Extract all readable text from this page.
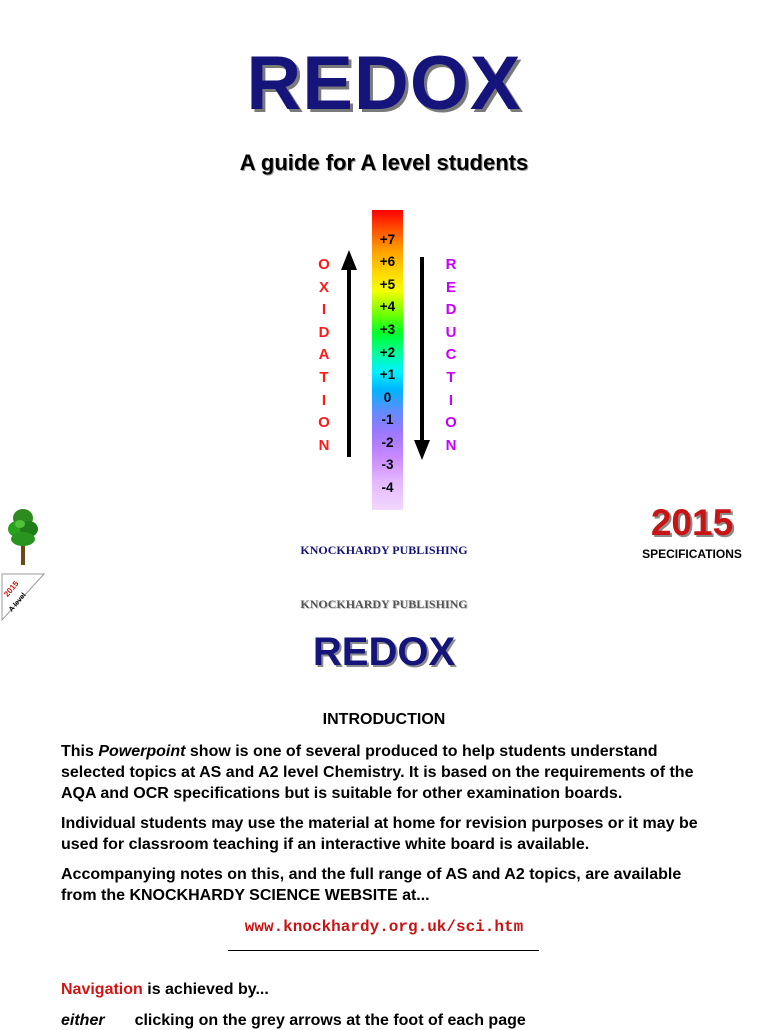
REDOX
A guide for A level students
+7
+6
+5
+4
+3
+2
+1
0
-1
-2
-3
-4
O
X
I
D
A
T
I
O
N
R
E
D
U
C
T
I
O
N
2015
A level
KNOCKHARDY PUBLISHING
2015
SPECIFICATIONS
KNOCKHARDY PUBLISHING
REDOX
INTRODUCTION
This Powerpoint show is one of several produced to help students understand selected topics at AS and A2 level Chemistry. It is based on the requirements of the AQA and OCR specifications but is suitable for other examination boards.
Individual students may use the material at home for revision purposes or it may be used for classroom teaching if an interactive white board is available.
Accompanying notes on this, and the full range of AS and A2 topics, are available from the KNOCKHARDY SCIENCE WEBSITE at...
www.knockhardy.org.uk/sci.htm
Navigation is achieved by...
either clicking on the grey arrows at the foot of each page
